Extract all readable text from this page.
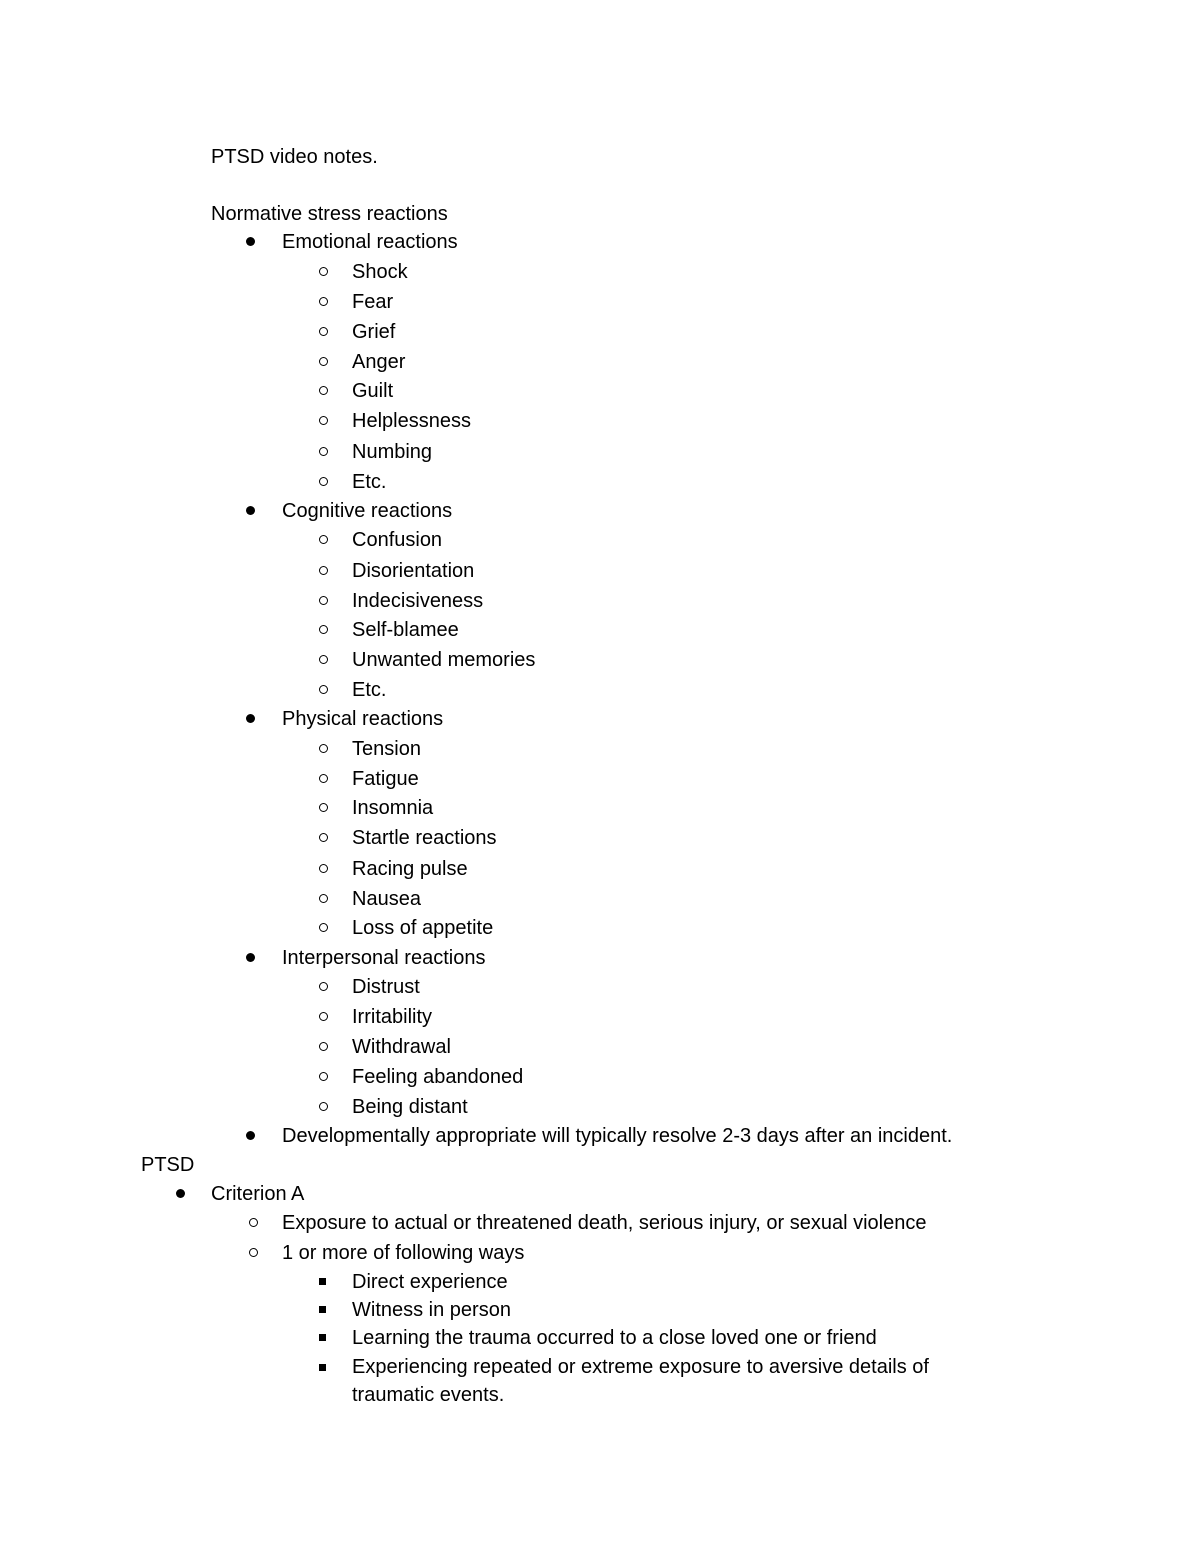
PTSD video notes.
Normative stress reactions
Emotional reactions
Shock
Fear
Grief
Anger
Guilt
Helplessness
Numbing
Etc.
Cognitive reactions
Confusion
Disorientation
Indecisiveness
Self-blamee
Unwanted memories
Etc.
Physical reactions
Tension
Fatigue
Insomnia
Startle reactions
Racing pulse
Nausea
Loss of appetite
Interpersonal reactions
Distrust
Irritability
Withdrawal
Feeling abandoned
Being distant
Developmentally appropriate will typically resolve 2-3 days after an incident.
PTSD
Criterion A
Exposure to actual or threatened death, serious injury, or sexual violence
1 or more of following ways
Direct experience
Witness in person
Learning the trauma occurred to a close loved one or friend
Experiencing repeated or extreme exposure to aversive details of traumatic events.
